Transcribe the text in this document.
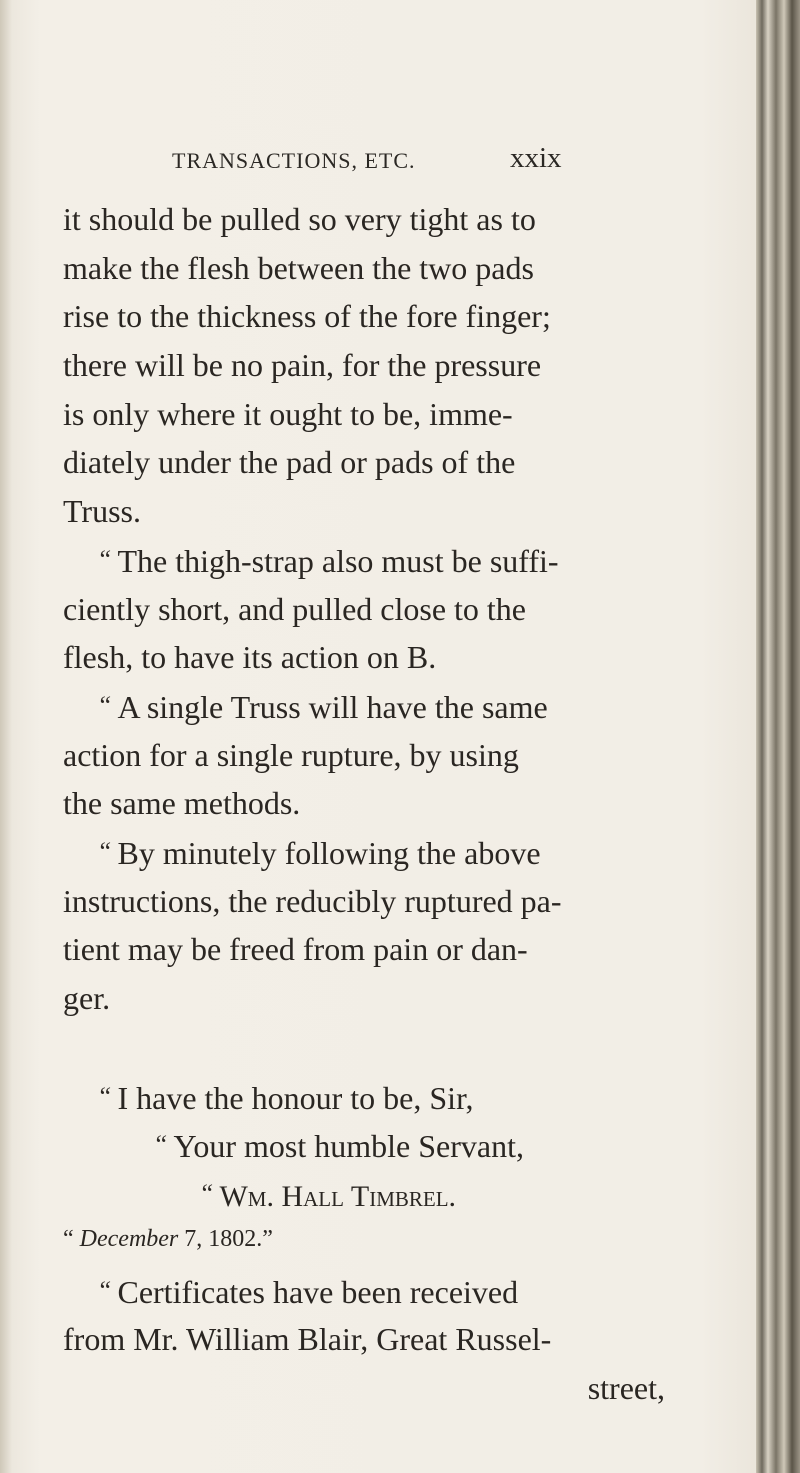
TRANSACTIONS, ETC.	xxix
it should be pulled so very tight as to
make the flesh between the two pads
rise to the thickness of the fore finger;
there will be no pain, for the pressure
is only where it ought to be, imme-
diately under the pad or pads of the
Truss.
“ The thigh-strap also must be suffi-
ciently short, and pulled close to the
flesh, to have its action on B.
“ A single Truss will have the same
action for a single rupture, by using
the same methods.
“ By minutely following the above
instructions, the reducibly ruptured pa-
tient may be freed from pain or dan-
ger.
“ I have the honour to be, Sir,
“ Your most humble Servant,
“ Wm. Hall Timbrel.
“ December 7, 1802.”
“ Certificates have been received
from Mr. William Blair, Great Russel-
street,
